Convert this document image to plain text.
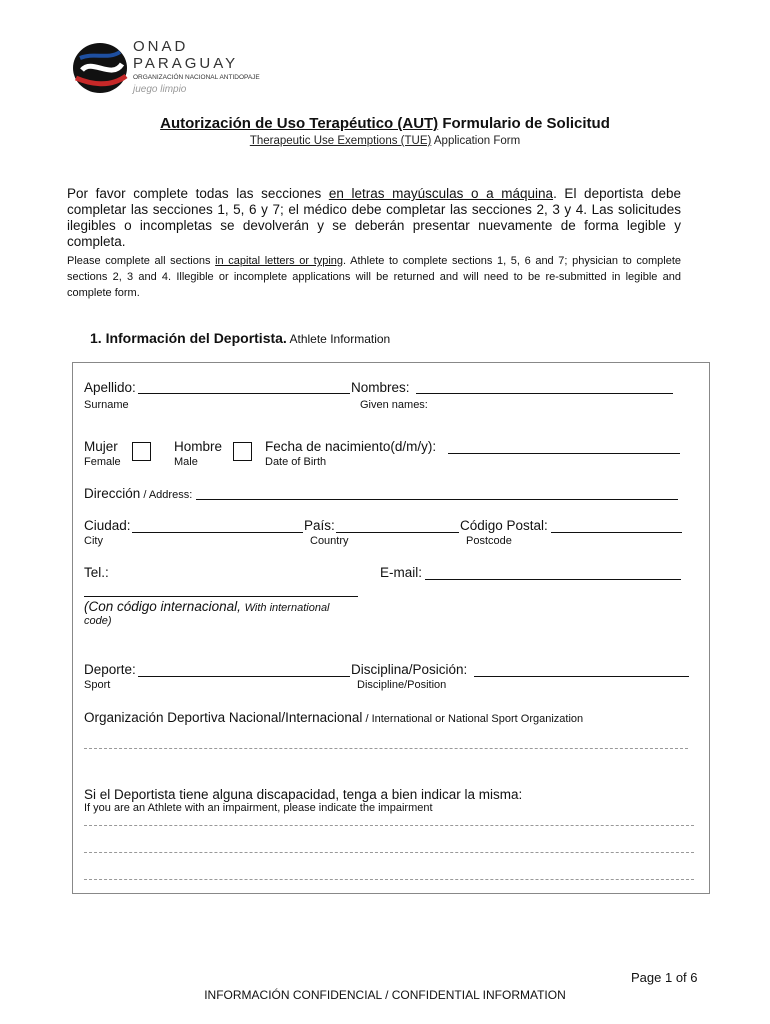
ONAD
PARAGUAY
ORGANIZACIÓN NACIONAL ANTIDOPAJE
juego limpio
Autorización de Uso Terapéutico (AUT) Formulario de Solicitud
Therapeutic Use Exemptions (TUE) Application Form
Por favor complete todas las secciones en letras mayúsculas o a máquina. El deportista debe completar las secciones 1, 5, 6 y 7; el médico debe completar las secciones 2, 3 y 4. Las solicitudes ilegibles o incompletas se devolverán y se deberán presentar nuevamente de forma legible y completa.
Please complete all sections in capital letters or typing. Athlete to complete sections 1, 5, 6 and 7; physician to complete sections 2, 3 and 4. Illegible or incomplete applications will be returned and will need to be re-submitted in legible and complete form.
1. Información del Deportista. Athlete Information
Apellido:
Surname
Nombres:
Given names:
Mujer
Female
Hombre
Male
Fecha de nacimiento(d/m/y):
Date of Birth
Dirección / Address:
Ciudad:
City
País:
Country
Código Postal:
Postcode
Tel.:	E-mail:
(Con código internacional, With international
code)
Deporte:
Sport
Disciplina/Posición:
Discipline/Position
Organización Deportiva Nacional/Internacional / International or National Sport Organization
Si el Deportista tiene alguna discapacidad, tenga a bien indicar la misma:
If you are an Athlete with an impairment, please indicate the impairment
Page 1 of 6
INFORMACIÓN CONFIDENCIAL / CONFIDENTIAL INFORMATION
